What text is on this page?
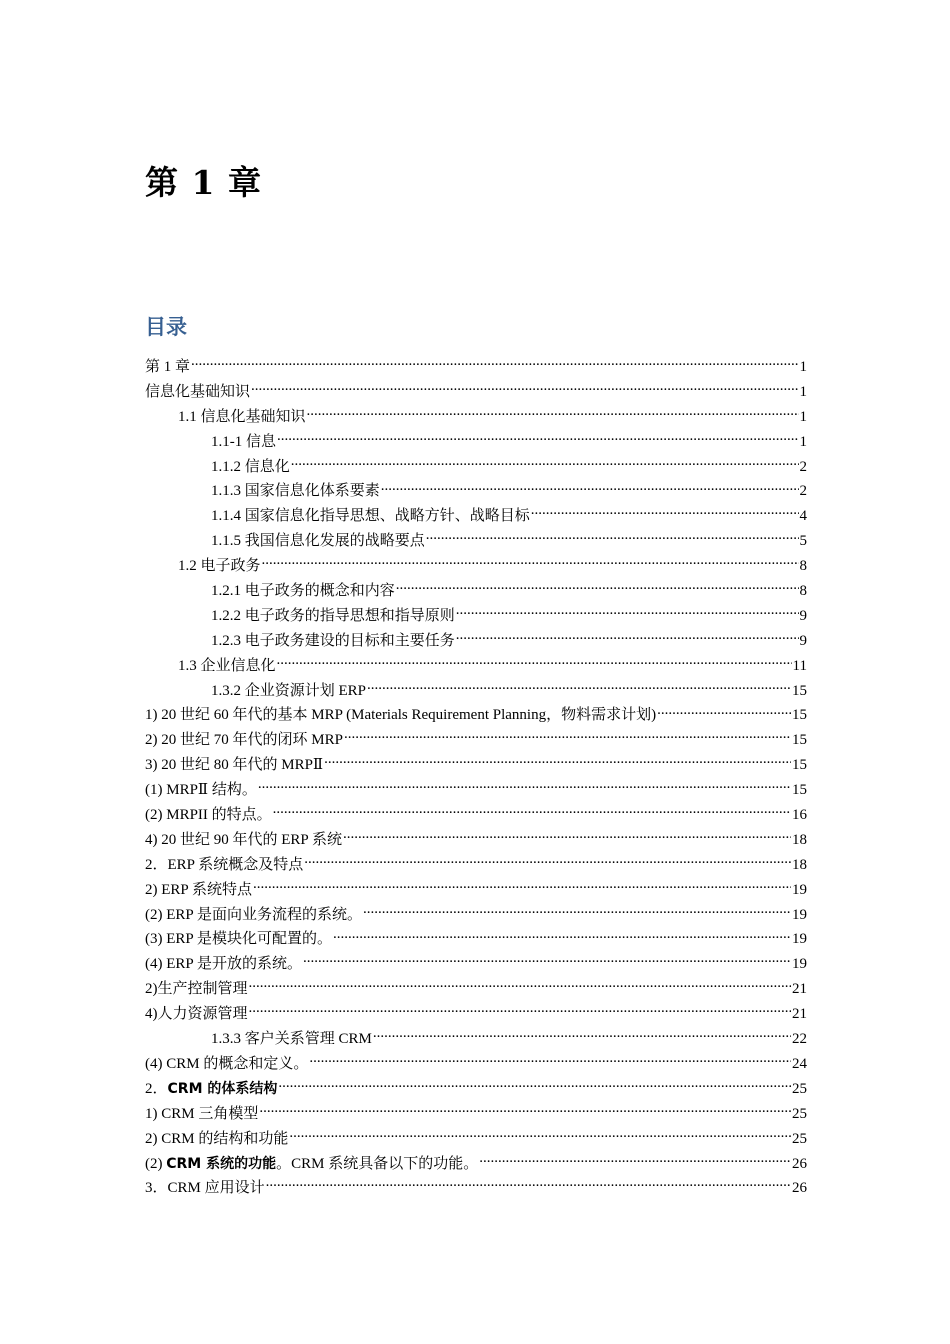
第 1 章
目录
第 1 章 .....	1
信息化基础知识 .....	1
1.1 信息化基础知识 .....	1
1.1-1 信息 .....	1
1.1.2 信息化 .....	2
1.1.3 国家信息化体系要素 .....	2
1.1.4 国家信息化指导思想、战略方针、战略目标 .....	4
1.1.5 我国信息化发展的战略要点 .....	5
1.2 电子政务 .....	8
1.2.1 电子政务的概念和内容 .....	8
1.2.2 电子政务的指导思想和指导原则 .....	9
1.2.3 电子政务建设的目标和主要任务 .....	9
1.3 企业信息化 .....	11
1.3.2 企业资源计划 ERP .....	15
1) 20 世纪 60 年代的基本 MRP (Materials Requirement Planning，物料需求计划) .....	15
2) 20 世纪 70 年代的闭环 MRP .....	15
3) 20 世纪 80 年代的 MRPⅡ .....	15
(1) MRPⅡ 结构。 .....	15
(2) MRPII 的特点。 .....	16
4) 20 世纪 90 年代的 ERP 系统 .....	18
2．ERP 系统概念及特点 .....	18
2) ERP 系统特点 .....	19
(2) ERP 是面向业务流程的系统。 .....	19
(3) ERP 是模块化可配置的。 .....	19
(4) ERP 是开放的系统。 .....	19
2)生产控制管理 .....	21
4)人力资源管理 .....	21
1.3.3 客户关系管理 CRM .....	22
(4) CRM 的概念和定义。 .....	24
2．CRM 的体系结构 .....	25
1) CRM 三角模型 .....	25
2) CRM 的结构和功能 .....	25
(2) CRM 系统的功能。CRM 系统具备以下的功能。 .....	26
3．CRM 应用设计 .....	26
